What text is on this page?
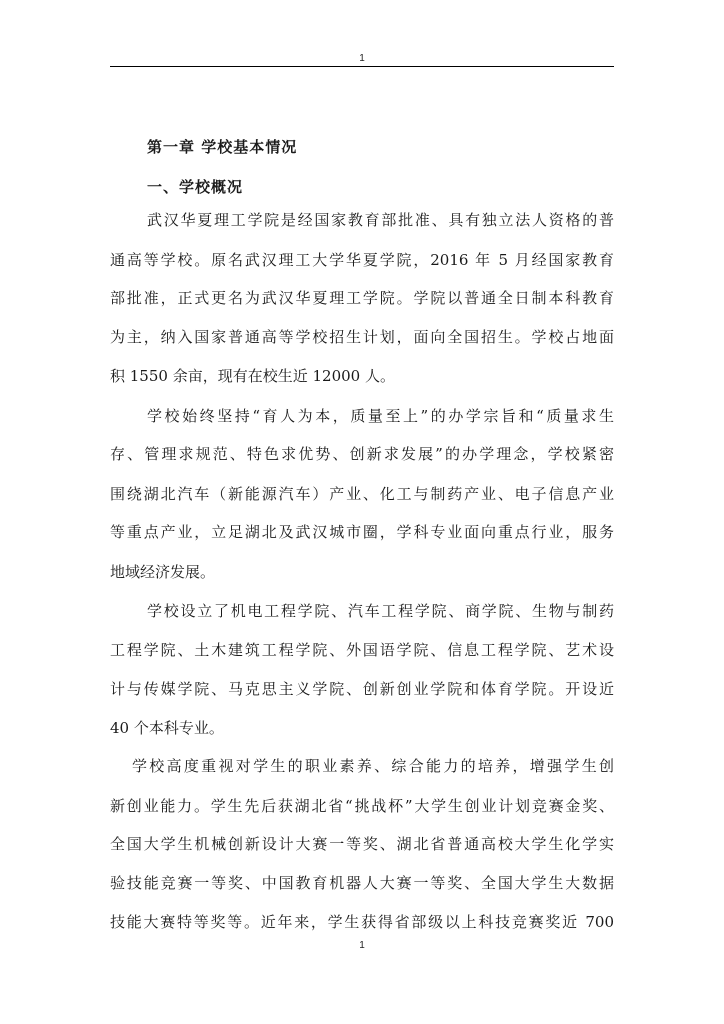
1
第一章 学校基本情况
一、学校概况
武汉华夏理工学院是经国家教育部批准、具有独立法人资格的普
通高等学校。原名武汉理工大学华夏学院，2016 年 5 月经国家教育
部批准，正式更名为武汉华夏理工学院。学院以普通全日制本科教育
为主，纳入国家普通高等学校招生计划，面向全国招生。学校占地面
积 1550 余亩，现有在校生近 12000 人。
学校始终坚持“育人为本，质量至上”的办学宗旨和“质量求生
存、管理求规范、特色求优势、创新求发展”的办学理念，学校紧密
围绕湖北汽车（新能源汽车）产业、化工与制药产业、电子信息产业
等重点产业，立足湖北及武汉城市圈，学科专业面向重点行业，服务
地域经济发展。
学校设立了机电工程学院、汽车工程学院、商学院、生物与制药
工程学院、土木建筑工程学院、外国语学院、信息工程学院、艺术设
计与传媒学院、马克思主义学院、创新创业学院和体育学院。开设近
40 个本科专业。
学校高度重视对学生的职业素养、综合能力的培养，增强学生创
新创业能力。学生先后获湖北省“挑战杯”大学生创业计划竞赛金奖、
全国大学生机械创新设计大赛一等奖、湖北省普通高校大学生化学实
验技能竞赛一等奖、中国教育机器人大赛一等奖、全国大学生大数据
技能大赛特等奖等。近年来，学生获得省部级以上科技竞赛奖近 700
1
